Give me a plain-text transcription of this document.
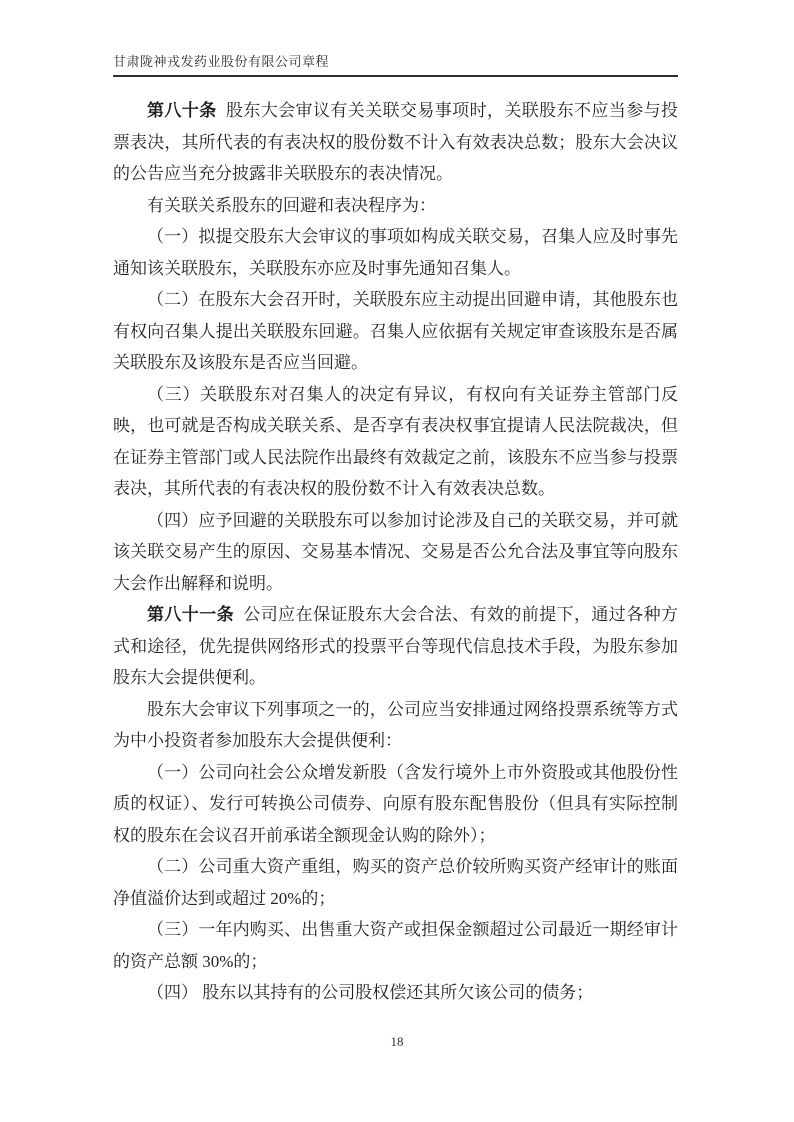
甘肃陇神戎发药业股份有限公司章程

第八十条 股东大会审议有关关联交易事项时，关联股东不应当参与投票表决，其所代表的有表决权的股份数不计入有效表决总数；股东大会决议的公告应当充分披露非关联股东的表决情况。

有关联关系股东的回避和表决程序为：

（一）拟提交股东大会审议的事项如构成关联交易，召集人应及时事先通知该关联股东，关联股东亦应及时事先通知召集人。

（二）在股东大会召开时，关联股东应主动提出回避申请，其他股东也有权向召集人提出关联股东回避。召集人应依据有关规定审查该股东是否属关联股东及该股东是否应当回避。

（三）关联股东对召集人的决定有异议，有权向有关证券主管部门反映，也可就是否构成关联关系、是否享有表决权事宜提请人民法院裁决，但在证券主管部门或人民法院作出最终有效裁定之前，该股东不应当参与投票表决，其所代表的有表决权的股份数不计入有效表决总数。

（四）应予回避的关联股东可以参加讨论涉及自己的关联交易，并可就该关联交易产生的原因、交易基本情况、交易是否公允合法及事宜等向股东大会作出解释和说明。

第八十一条 公司应在保证股东大会合法、有效的前提下，通过各种方式和途径，优先提供网络形式的投票平台等现代信息技术手段，为股东参加股东大会提供便利。

股东大会审议下列事项之一的，公司应当安排通过网络投票系统等方式为中小投资者参加股东大会提供便利：

（一）公司向社会公众增发新股（含发行境外上市外资股或其他股份性质的权证）、发行可转换公司债券、向原有股东配售股份（但具有实际控制权的股东在会议召开前承诺全额现金认购的除外）；

（二）公司重大资产重组，购买的资产总价较所购买资产经审计的账面净值溢价达到或超过 20%的；

（三）一年内购买、出售重大资产或担保金额超过公司最近一期经审计的资产总额 30%的；

（四） 股东以其持有的公司股权偿还其所欠该公司的债务；

18
